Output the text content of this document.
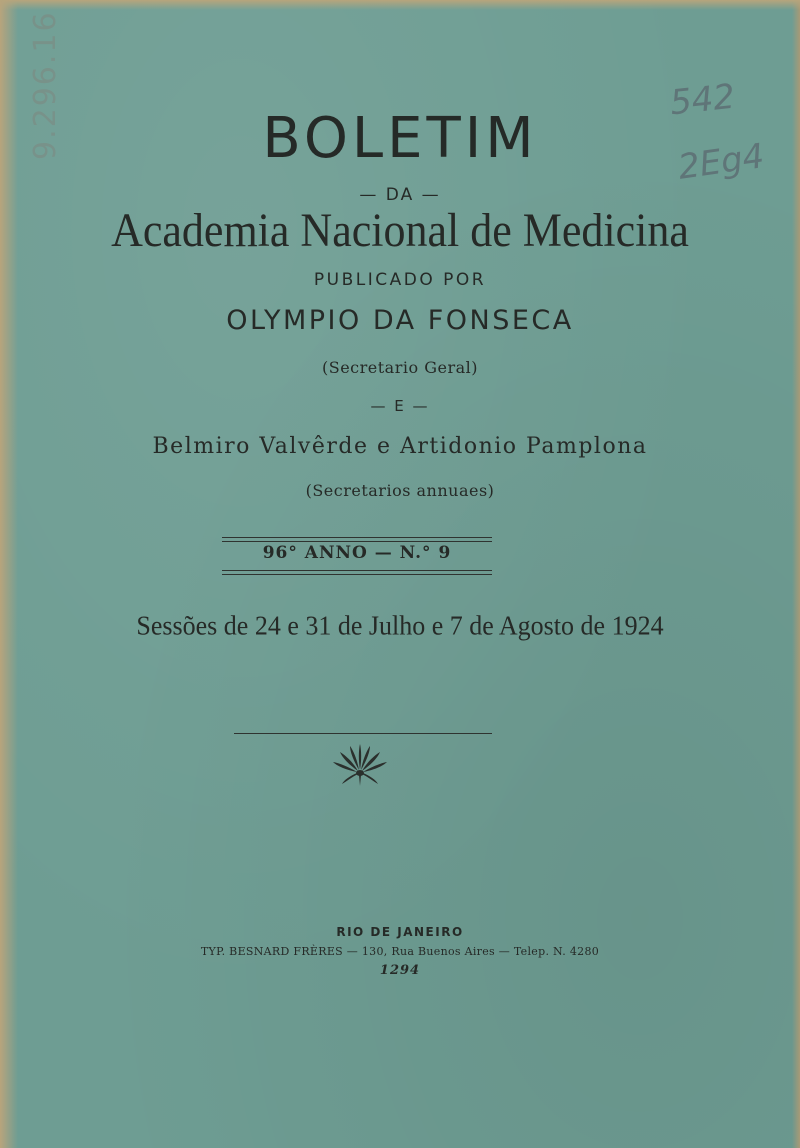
9.296.16	542
2Eg4
BOLETIM
— DA —
Academia Nacional de Medicina
PUBLICADO POR
OLYMPIO DA FONSECA
(Secretario Geral)
— E —
Belmiro Valvêrde e Artidonio Pamplona
(Secretarios annuaes)
96° ANNO — N.° 9
Sessões de 24 e 31 de Julho e 7 de Agosto de 1924
RIO DE JANEIRO
TYP. BESNARD FRÈRES — 130, Rua Buenos Aires — Telep. N. 4280
1294
